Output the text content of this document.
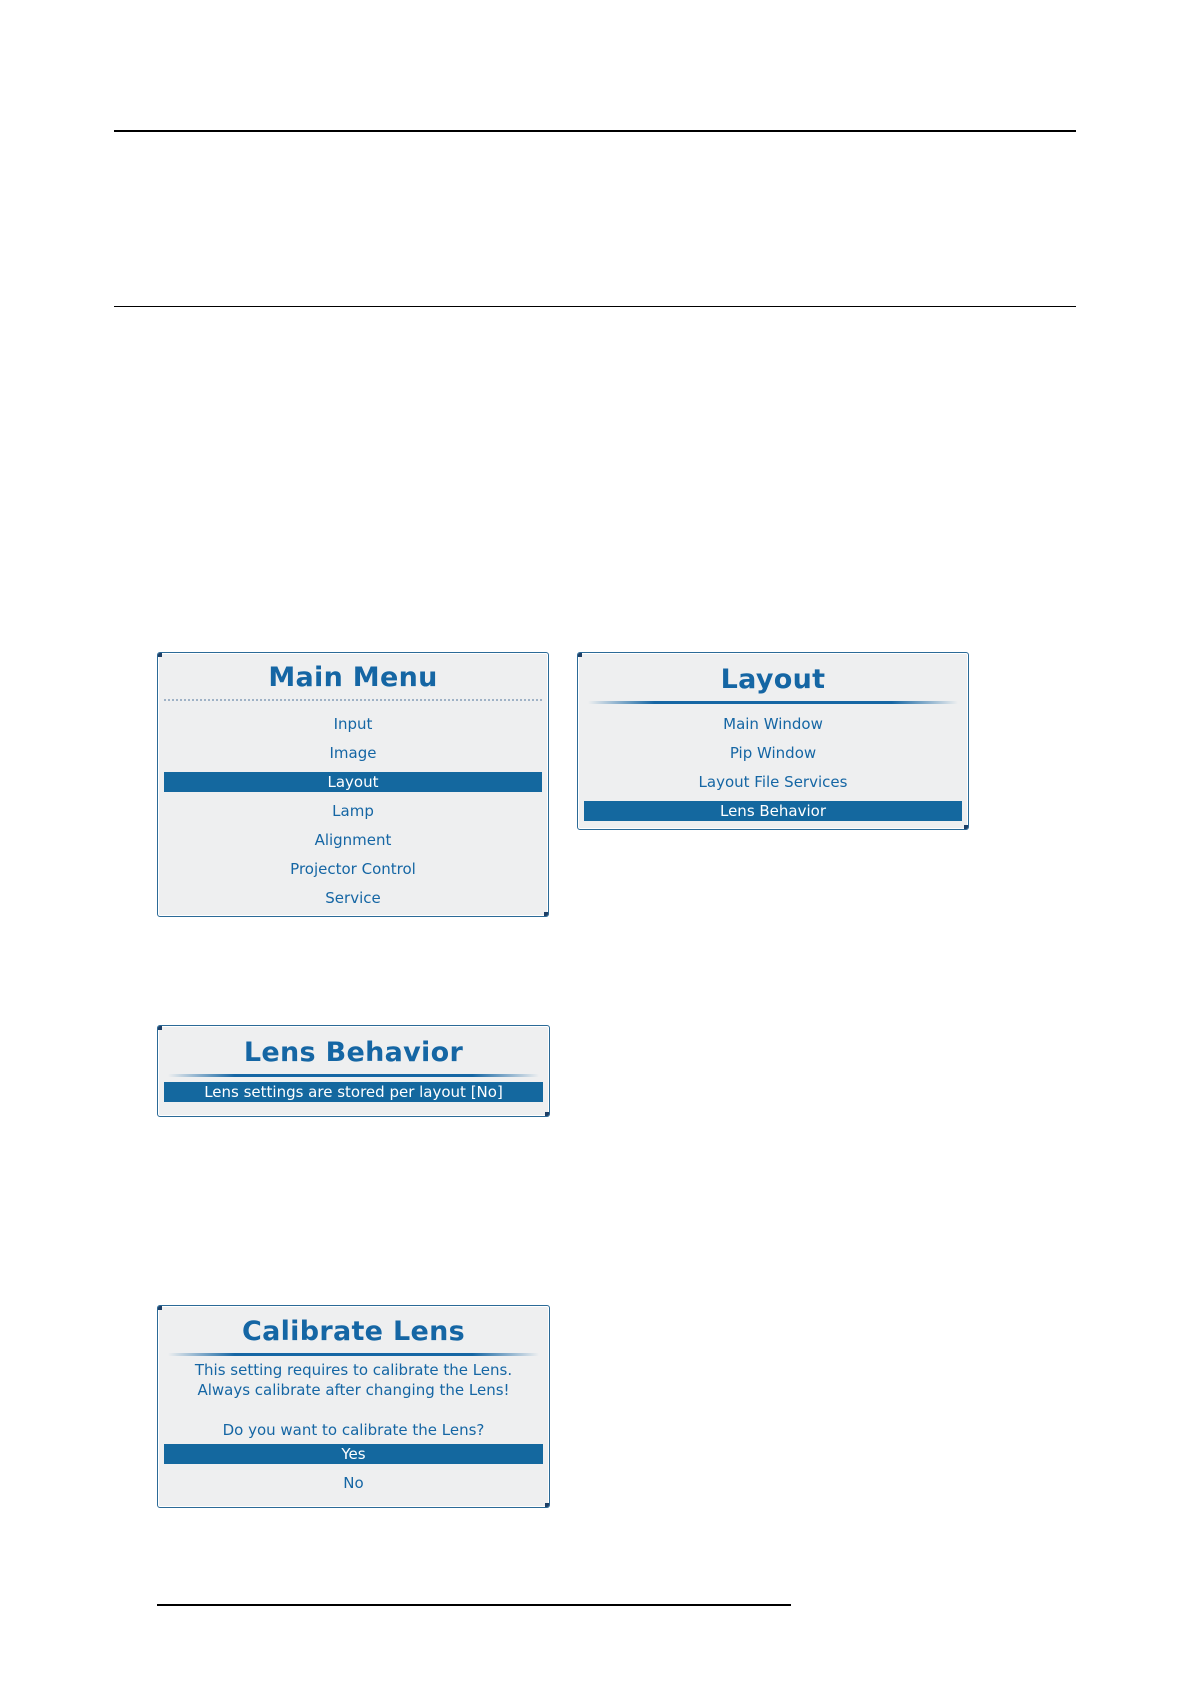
Main Menu
Input
Image
Layout
Lamp
Alignment
Projector Control
Service
Layout
Main Window
Pip Window
Layout File Services
Lens Behavior
Lens Behavior
Lens settings are stored per layout [No]
Calibrate Lens
This setting requires to calibrate the Lens.
Always calibrate after changing the Lens!
Do you want to calibrate the Lens?
Yes
No
